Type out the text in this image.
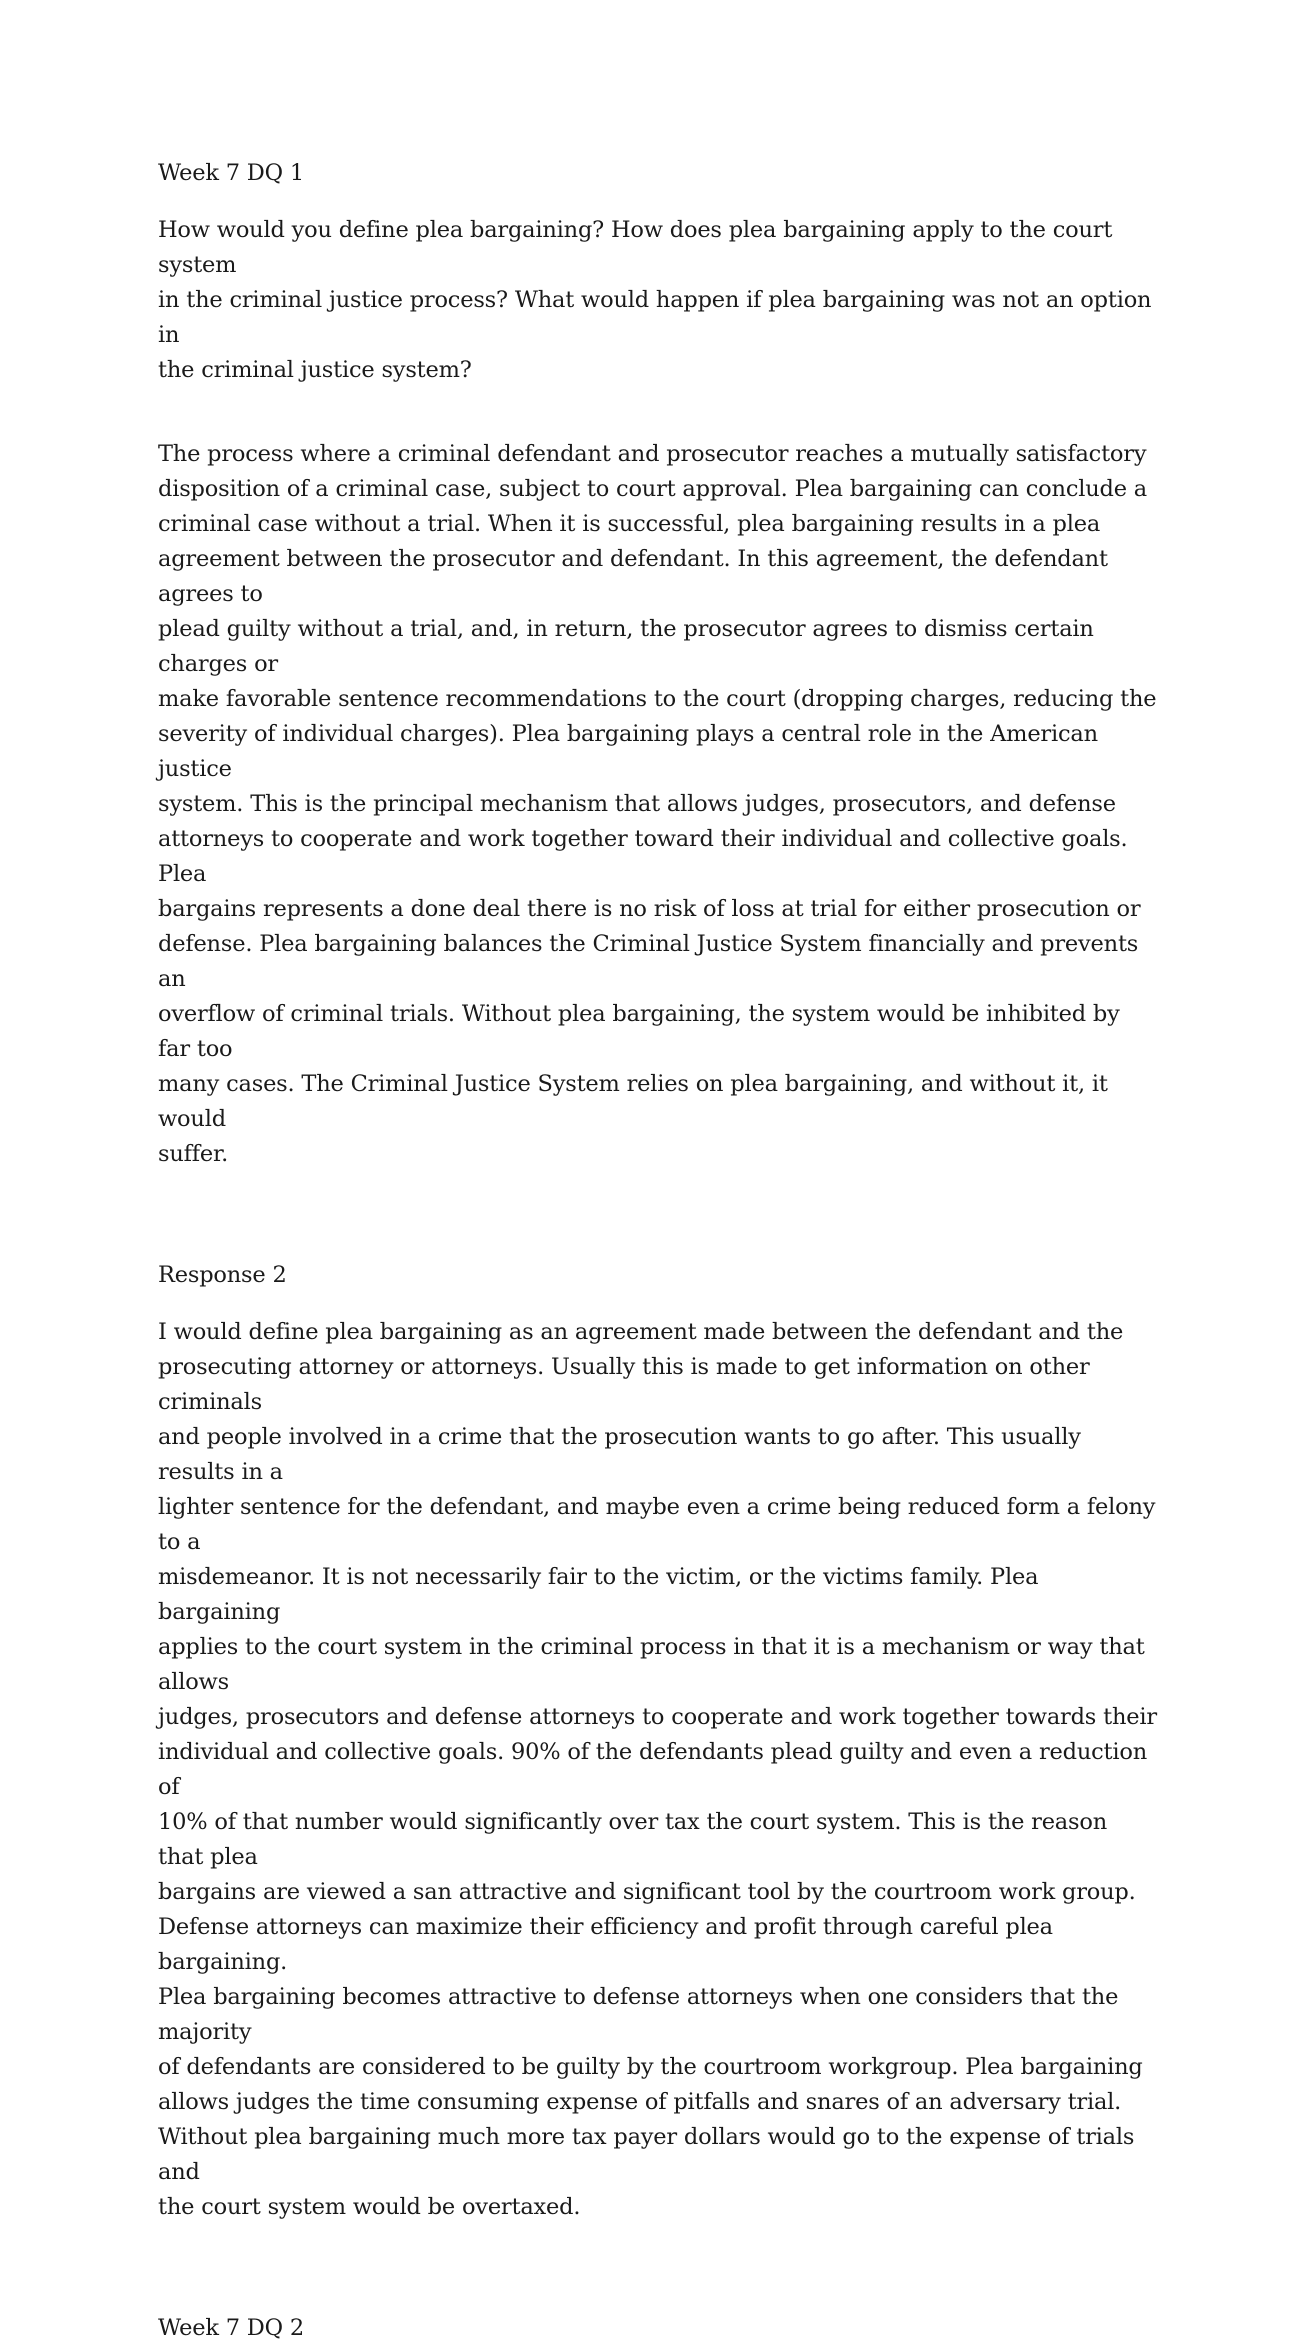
Week 7 DQ 1

How would you define plea bargaining? How does plea bargaining apply to the court system
in the criminal justice process? What would happen if plea bargaining was not an option in
the criminal justice system?

The process where a criminal defendant and prosecutor reaches a mutually satisfactory
disposition of a criminal case, subject to court approval. Plea bargaining can conclude a
criminal case without a trial. When it is successful, plea bargaining results in a plea
agreement between the prosecutor and defendant. In this agreement, the defendant agrees to
plead guilty without a trial, and, in return, the prosecutor agrees to dismiss certain charges or
make favorable sentence recommendations to the court (dropping charges, reducing the
severity of individual charges). Plea bargaining plays a central role in the American justice
system. This is the principal mechanism that allows judges, prosecutors, and defense
attorneys to cooperate and work together toward their individual and collective goals. Plea
bargains represents a done deal there is no risk of loss at trial for either prosecution or
defense. Plea bargaining balances the Criminal Justice System financially and prevents an
overflow of criminal trials. Without plea bargaining, the system would be inhibited by far too
many cases. The Criminal Justice System relies on plea bargaining, and without it, it would
suffer.

Response 2

I would define plea bargaining as an agreement made between the defendant and the
prosecuting attorney or attorneys. Usually this is made to get information on other criminals
and people involved in a crime that the prosecution wants to go after. This usually results in a
lighter sentence for the defendant, and maybe even a crime being reduced form a felony to a
misdemeanor. It is not necessarily fair to the victim, or the victims family. Plea bargaining
applies to the court system in the criminal process in that it is a mechanism or way that allows
judges, prosecutors and defense attorneys to cooperate and work together towards their
individual and collective goals. 90% of the defendants plead guilty and even a reduction of
10% of that number would significantly over tax the court system. This is the reason that plea
bargains are viewed a san attractive and significant tool by the courtroom work group.
Defense attorneys can maximize their efficiency and profit through careful plea bargaining.
Plea bargaining becomes attractive to defense attorneys when one considers that the majority
of defendants are considered to be guilty by the courtroom workgroup. Plea bargaining
allows judges the time consuming expense of pitfalls and snares of an adversary trial.
Without plea bargaining much more tax payer dollars would go to the expense of trials and
the court system would be overtaxed.

Week 7 DQ 2
